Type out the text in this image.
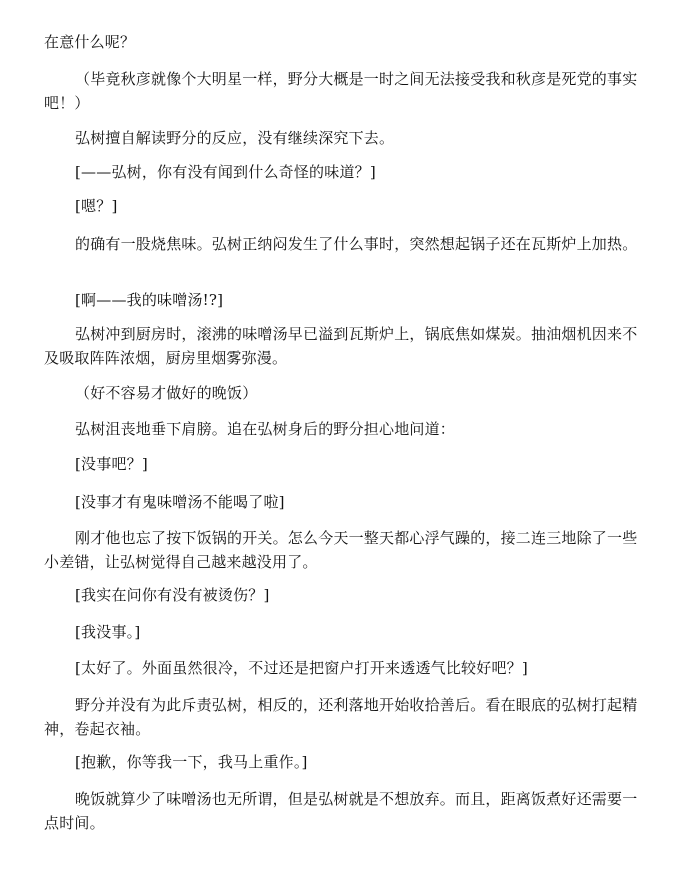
在意什么呢？

（毕竟秋彦就像个大明星一样，野分大概是一时之间无法接受我和秋彦是死党的事实吧！）

弘树擅自解读野分的反应，没有继续深究下去。

[——弘树，你有没有闻到什么奇怪的味道？]

[嗯？]

的确有一股烧焦味。弘树正纳闷发生了什么事时，突然想起锅子还在瓦斯炉上加热。

[啊——我的味噌汤!?]

弘树冲到厨房时，滚沸的味噌汤早已溢到瓦斯炉上，锅底焦如煤炭。抽油烟机因来不及吸取阵阵浓烟，厨房里烟雾弥漫。

（好不容易才做好的晚饭）

弘树沮丧地垂下肩膀。追在弘树身后的野分担心地问道：

[没事吧？]

[没事才有鬼味噌汤不能喝了啦]

刚才他也忘了按下饭锅的开关。怎么今天一整天都心浮气躁的，接二连三地除了一些小差错，让弘树觉得自己越来越没用了。

[我实在问你有没有被烫伤？]

[我没事。]

[太好了。外面虽然很冷，不过还是把窗户打开来透透气比较好吧？]

野分并没有为此斥责弘树，相反的，还利落地开始收拾善后。看在眼底的弘树打起精神，卷起衣袖。

[抱歉，你等我一下，我马上重作。]

晚饭就算少了味噌汤也无所谓，但是弘树就是不想放弃。而且，距离饭煮好还需要一点时间。
